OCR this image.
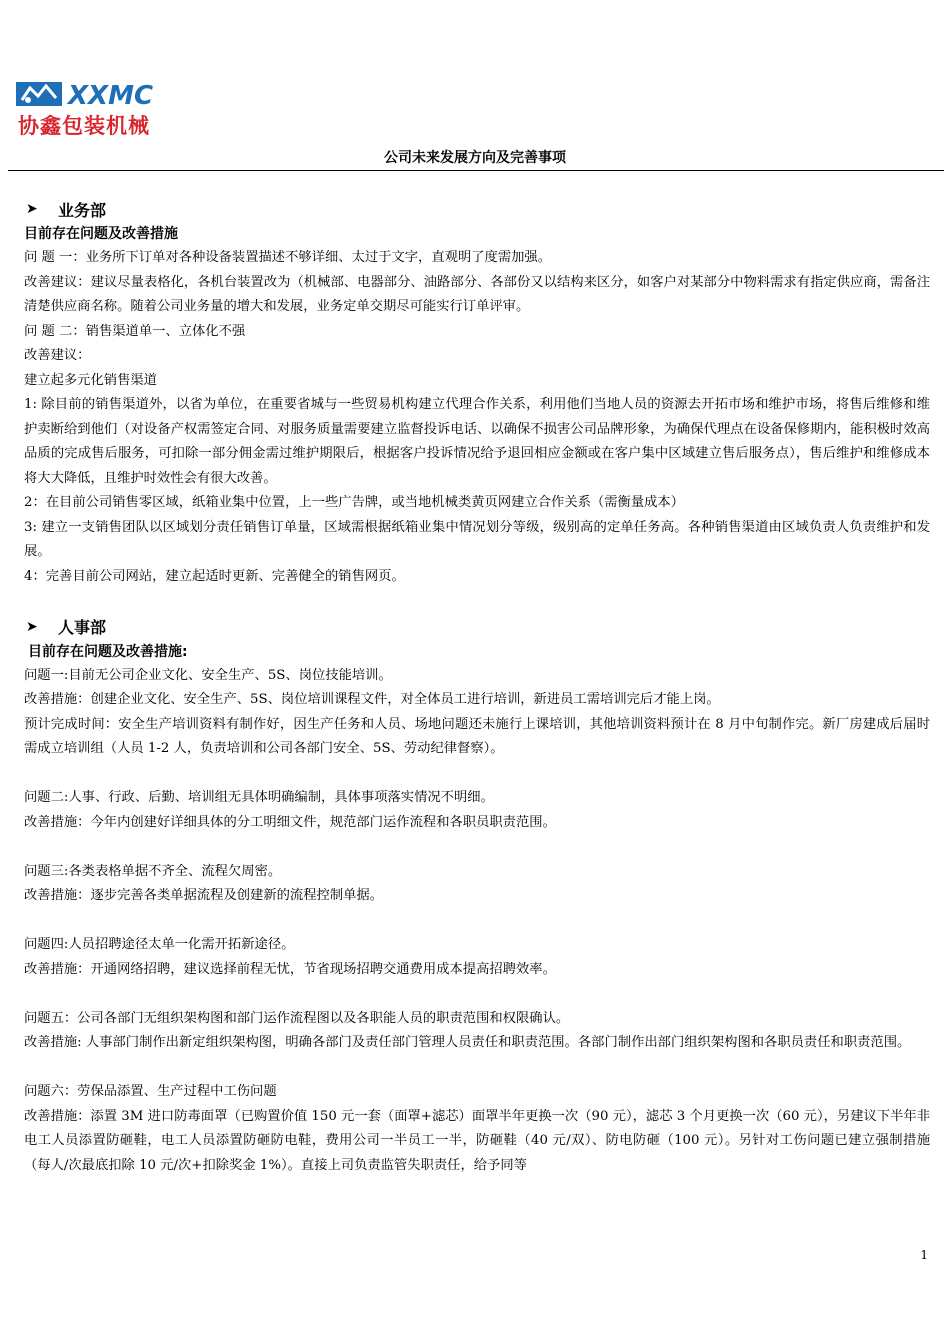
XXMC
协鑫包装机械
公司未来发展方向及完善事项
➤ 业务部
目前存在问题及改善措施
问 题 一：业务所下订单对各种设备装置描述不够详细、太过于文字，直观明了度需加强。
改善建议：建议尽量表格化，各机台装置改为（机械部、电器部分、油路部分、各部份又以结构来区分，如客户对某部分中物料需求有指定供应商，需备注清楚供应商名称。随着公司业务量的增大和发展，业务定单交期尽可能实行订单评审。
问 题 二：销售渠道单一、立体化不强
改善建议：
建立起多元化销售渠道
1: 除目前的销售渠道外，以省为单位，在重要省城与一些贸易机构建立代理合作关系，利用他们当地人员的资源去开拓市场和维护市场，将售后维修和维护卖断给到他们（对设备产权需签定合同、对服务质量需要建立监督投诉电话、以确保不损害公司品牌形象，为确保代理点在设备保修期内，能积极时效高品质的完成售后服务，可扣除一部分佣金需过维护期限后，根据客户投诉情况给予退回相应金额或在客户集中区域建立售后服务点），售后维护和维修成本将大大降低，且维护时效性会有很大改善。
2：在目前公司销售零区域，纸箱业集中位置，上一些广告牌，或当地机械类黄页网建立合作关系（需衡量成本）
3: 建立一支销售团队以区域划分责任销售订单量，区域需根据纸箱业集中情况划分等级，级别高的定单任务高。各种销售渠道由区域负责人负责维护和发展。
4：完善目前公司网站，建立起适时更新、完善健全的销售网页。
➤ 人事部
目前存在问题及改善措施:
问题一:目前无公司企业文化、安全生产、5S、岗位技能培训。
改善措施：创建企业文化、安全生产、5S、岗位培训课程文件，对全体员工进行培训，新进员工需培训完后才能上岗。
预计完成时间：安全生产培训资料有制作好，因生产任务和人员、场地问题还未施行上课培训，其他培训资料预计在 8 月中旬制作完。新厂房建成后届时需成立培训组（人员 1-2 人，负责培训和公司各部门安全、5S、劳动纪律督察）。
问题二:人事、行政、后勤、培训组无具体明确编制，具体事项落实情况不明细。
改善措施：今年内创建好详细具体的分工明细文件，规范部门运作流程和各职员职责范围。
问题三:各类表格单据不齐全、流程欠周密。
改善措施：逐步完善各类单据流程及创建新的流程控制单据。
问题四:人员招聘途径太单一化需开拓新途径。
改善措施：开通网络招聘，建议选择前程无忧，节省现场招聘交通费用成本提高招聘效率。
问题五：公司各部门无组织架构图和部门运作流程图以及各职能人员的职责范围和权限确认。
改善措施: 人事部门制作出新定组织架构图，明确各部门及责任部门管理人员责任和职责范围。各部门制作出部门组织架构图和各职员责任和职责范围。
问题六：劳保品添置、生产过程中工伤问题
改善措施：添置 3M 进口防毒面罩（已购置价值 150 元一套（面罩+滤芯）面罩半年更换一次（90 元），滤芯 3 个月更换一次（60 元），另建议下半年非电工人员添置防砸鞋，电工人员添置防砸防电鞋，费用公司一半员工一半，防砸鞋（40 元/双）、防电防砸（100 元）。另针对工伤问题已建立强制措施（每人/次最底扣除 10 元/次+扣除奖金 1%）。直接上司负责监管失职责任，给予同等
1
